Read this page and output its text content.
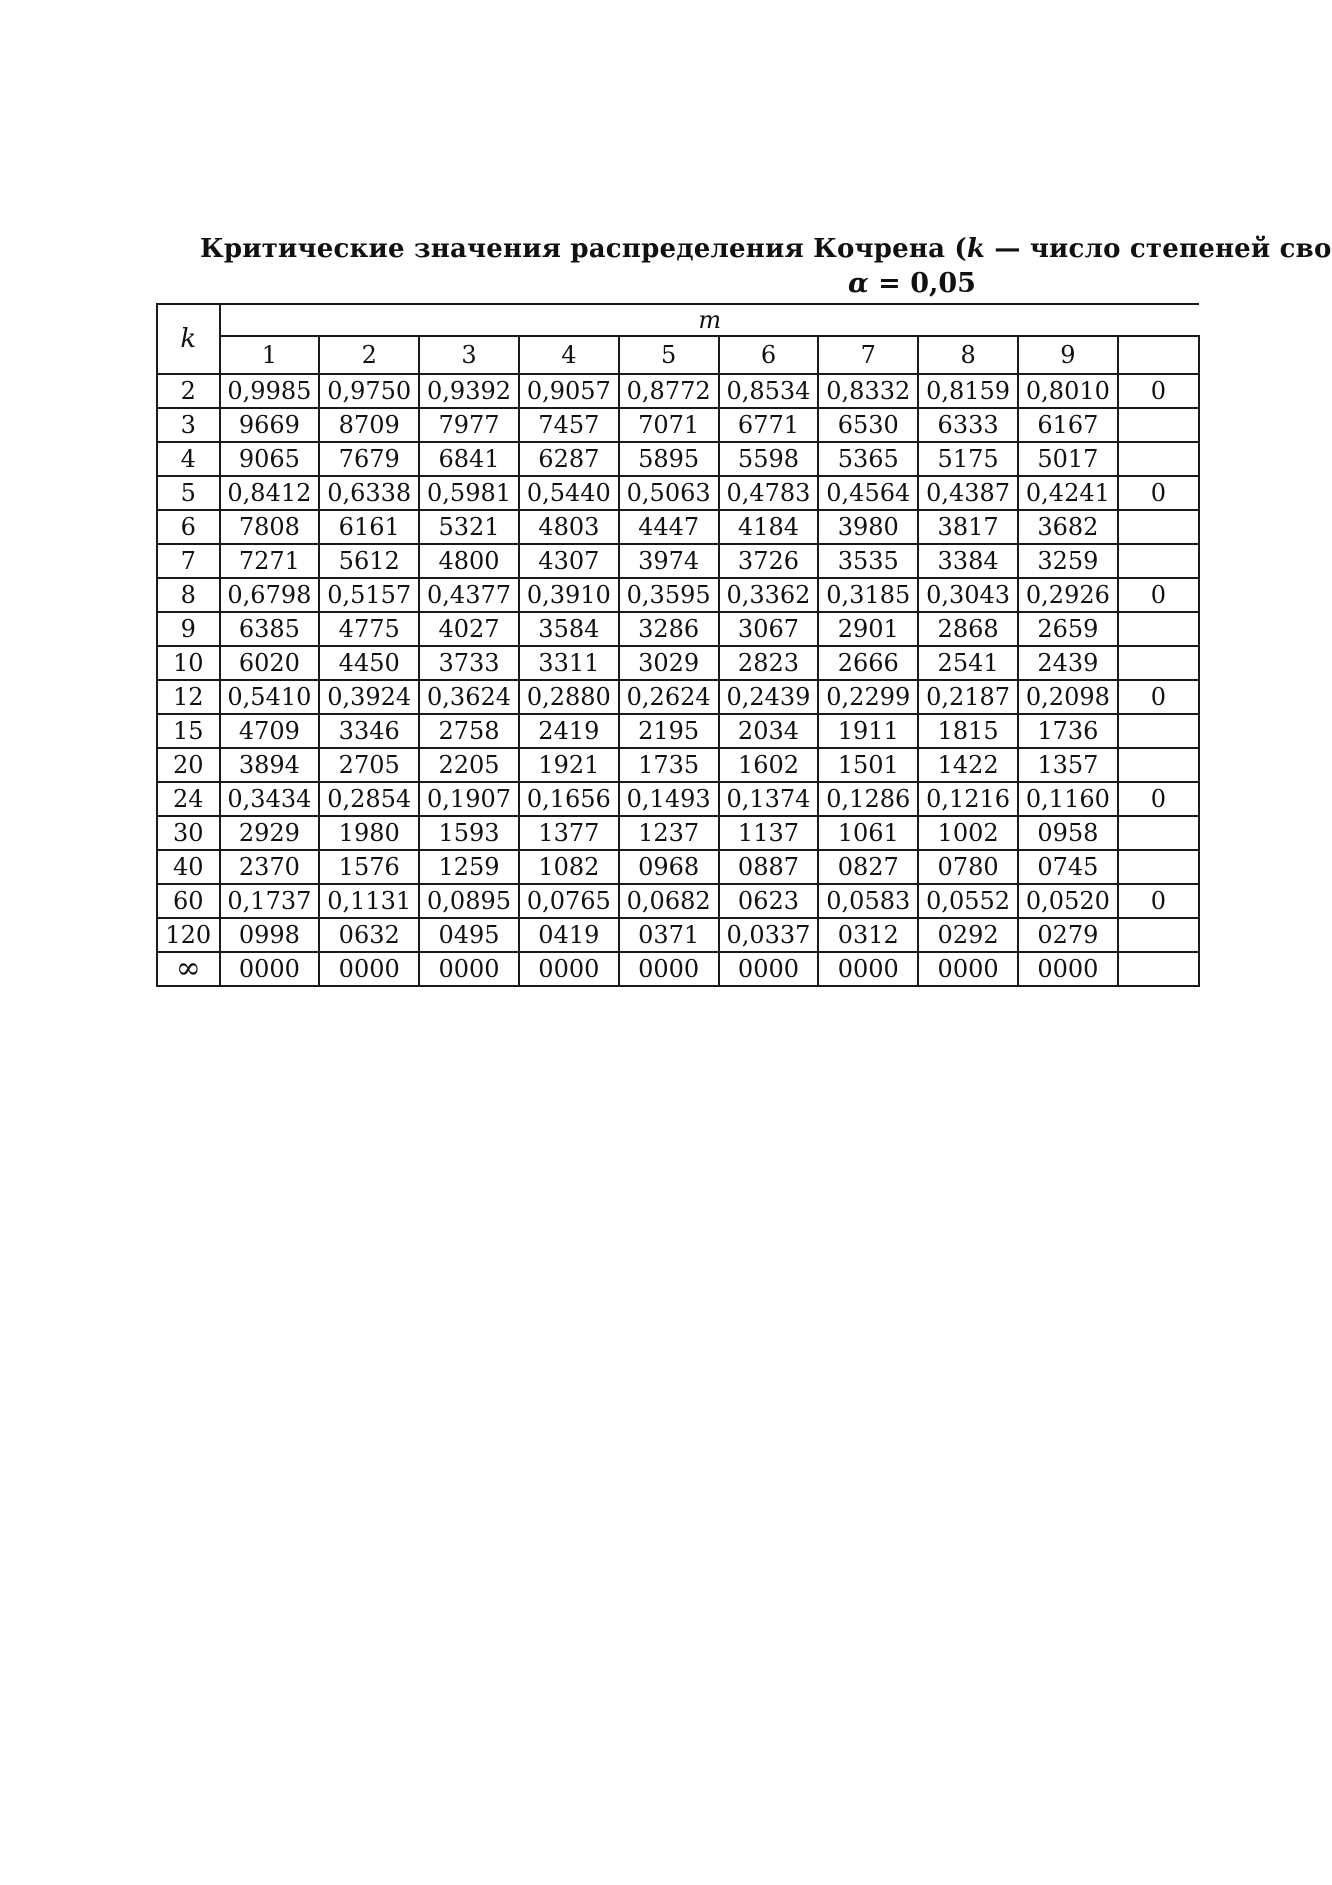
Критические значения распределения Кочрена (k — число степеней сво
α = 0,05
k	m									
	1	2	3	4	5	6	7	8	9	
2	0,9985	0,9750	0,9392	0,9057	0,8772	0,8534	0,8332	0,8159	0,8010	0
3	9669	8709	7977	7457	7071	6771	6530	6333	6167	
4	9065	7679	6841	6287	5895	5598	5365	5175	5017	
5	0,8412	0,6338	0,5981	0,5440	0,5063	0,4783	0,4564	0,4387	0,4241	0
6	7808	6161	5321	4803	4447	4184	3980	3817	3682	
7	7271	5612	4800	4307	3974	3726	3535	3384	3259	
8	0,6798	0,5157	0,4377	0,3910	0,3595	0,3362	0,3185	0,3043	0,2926	0
9	6385	4775	4027	3584	3286	3067	2901	2868	2659	
10	6020	4450	3733	3311	3029	2823	2666	2541	2439	
12	0,5410	0,3924	0,3624	0,2880	0,2624	0,2439	0,2299	0,2187	0,2098	0
15	4709	3346	2758	2419	2195	2034	1911	1815	1736	
20	3894	2705	2205	1921	1735	1602	1501	1422	1357	
24	0,3434	0,2854	0,1907	0,1656	0,1493	0,1374	0,1286	0,1216	0,1160	0
30	2929	1980	1593	1377	1237	1137	1061	1002	0958	
40	2370	1576	1259	1082	0968	0887	0827	0780	0745	
60	0,1737	0,1131	0,0895	0,0765	0,0682	0623	0,0583	0,0552	0,0520	0
120	0998	0632	0495	0419	0371	0,0337	0312	0292	0279	
∞	0000	0000	0000	0000	0000	0000	0000	0000	0000	
